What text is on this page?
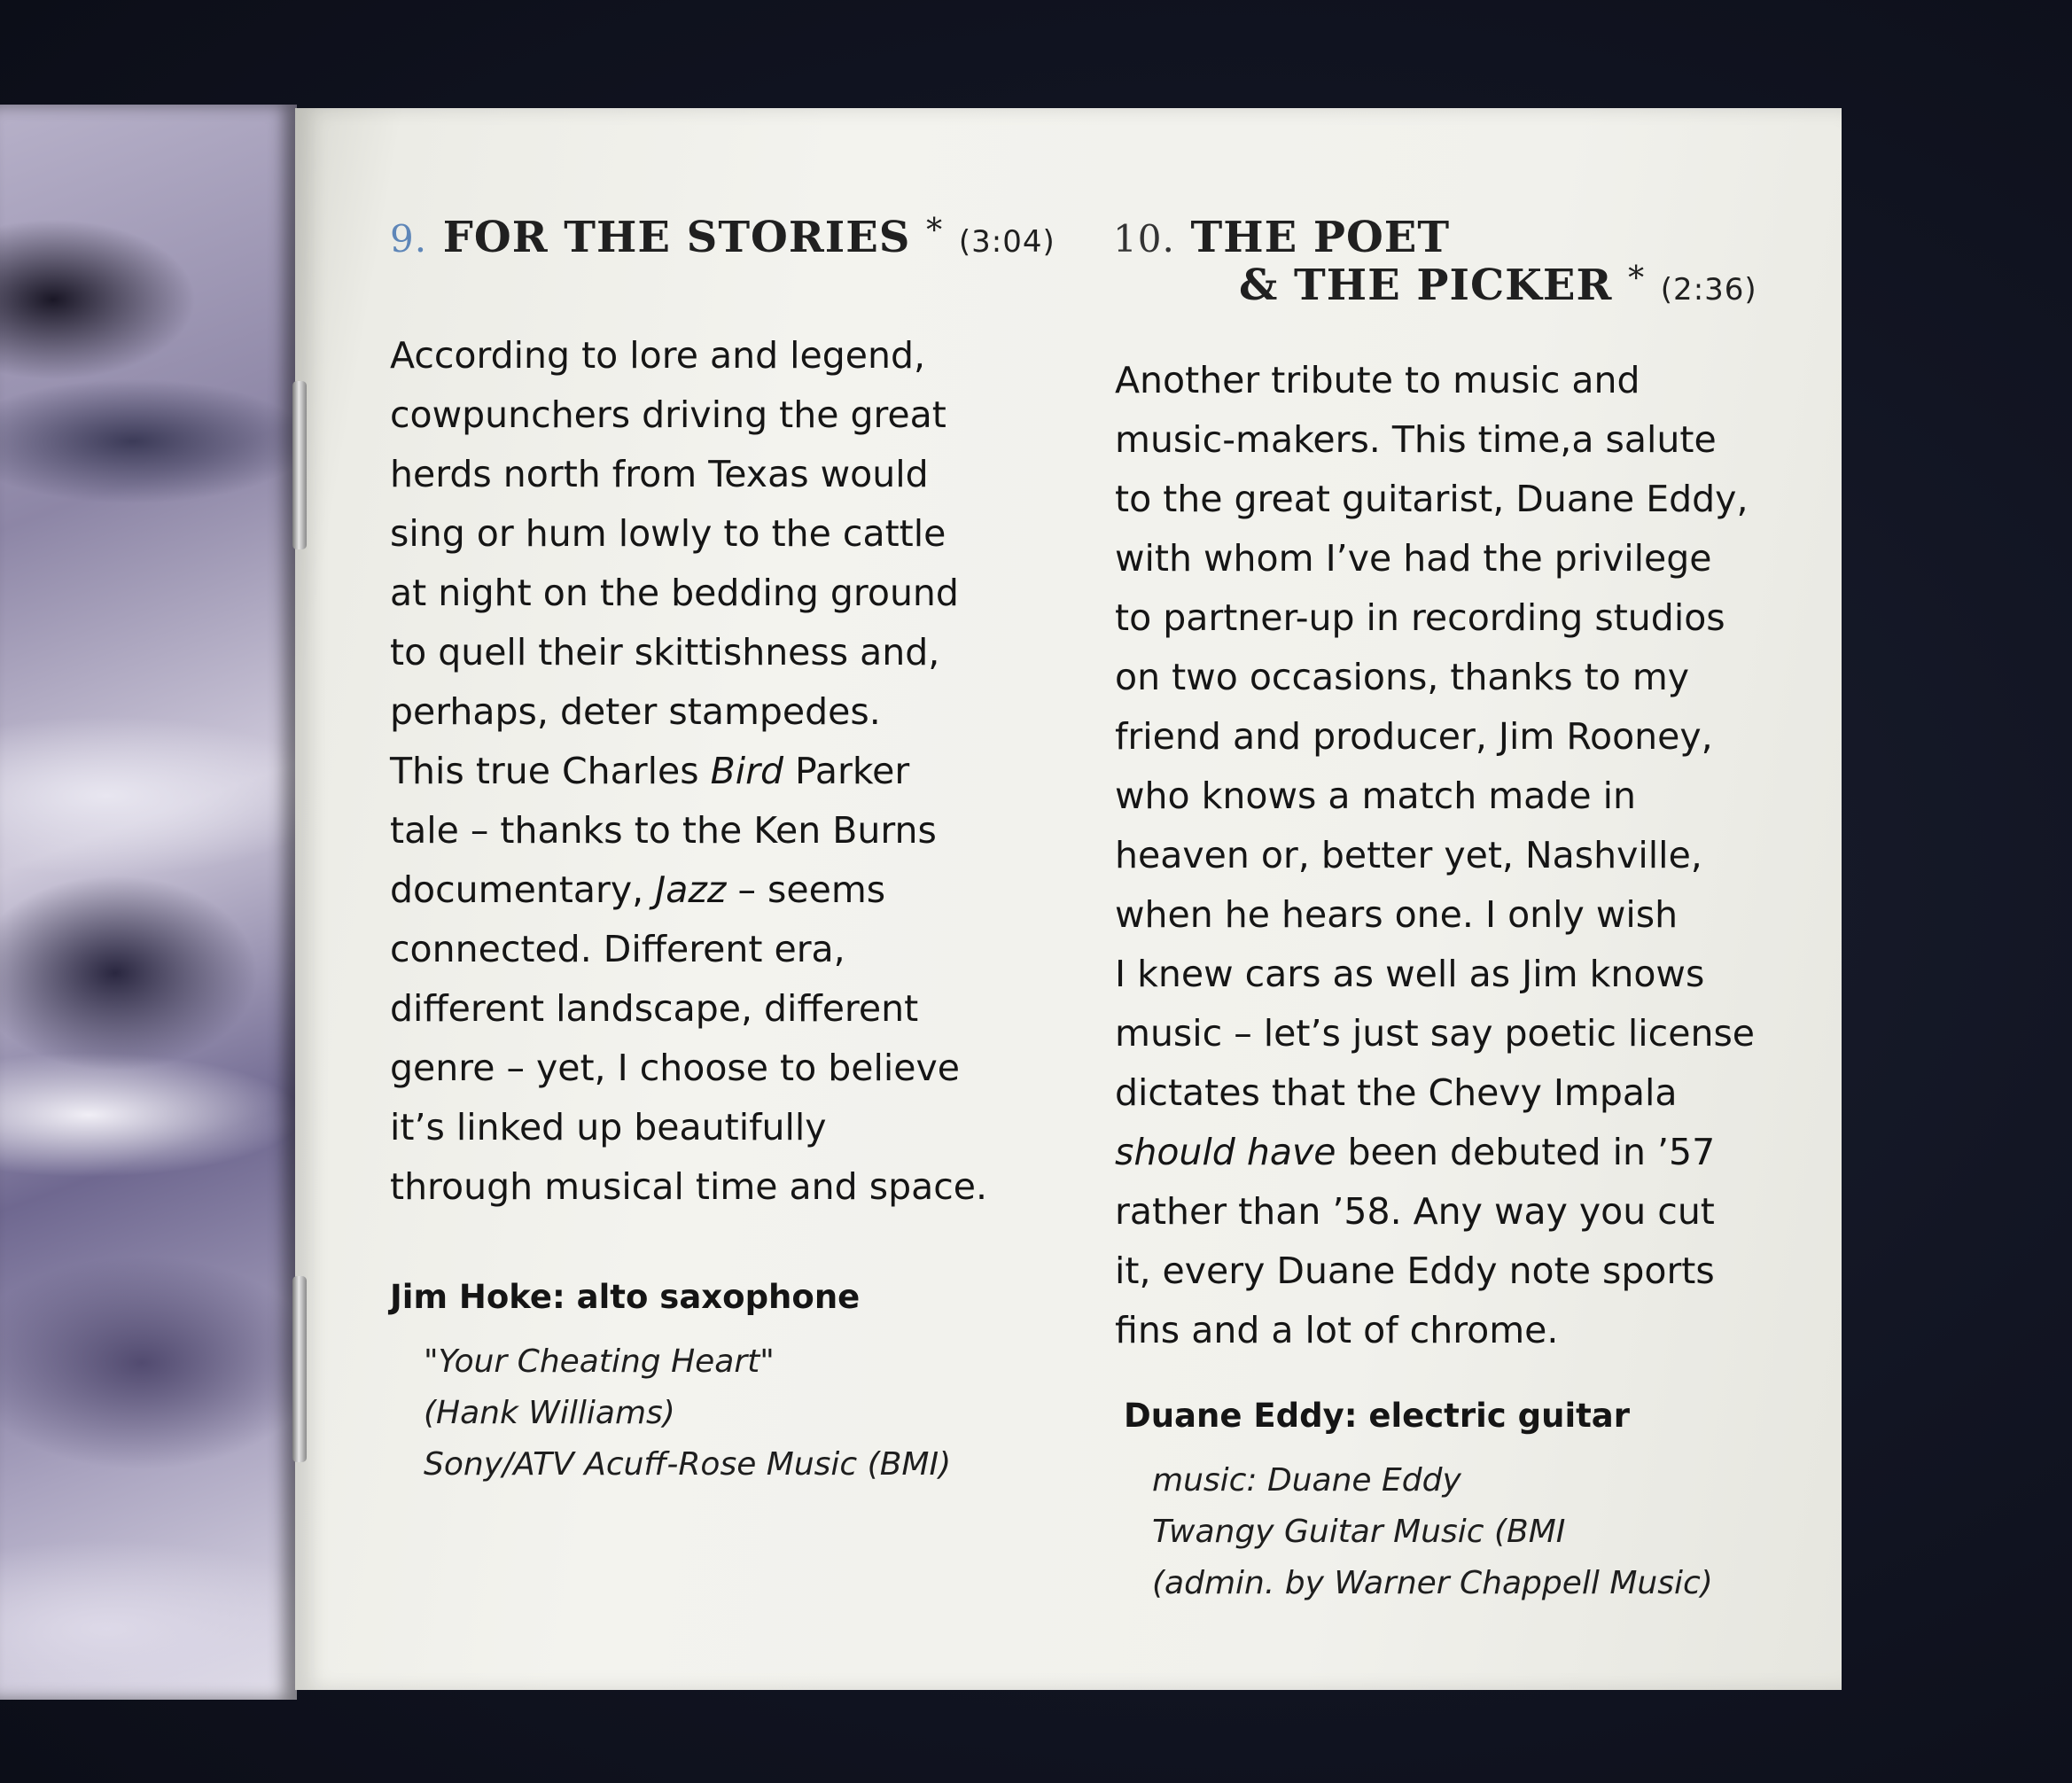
9. FOR THE STORIES * (3:04)
According to lore and legend,
cowpunchers driving the great
herds north from Texas would
sing or hum lowly to the cattle
at night on the bedding ground
to quell their skittishness and,
perhaps, deter stampedes.
This true Charles Bird Parker
tale – thanks to the Ken Burns
documentary, Jazz – seems
connected. Different era,
different landscape, different
genre – yet, I choose to believe
it’s linked up beautifully
through musical time and space.
Jim Hoke: alto saxophone
"Your Cheating Heart"
(Hank Williams)
Sony/ATV Acuff-Rose Music (BMI)
10. THE POET
& THE PICKER * (2:36)
Another tribute to music and
music-makers. This time,a salute
to the great guitarist, Duane Eddy,
with whom I’ve had the privilege
to partner-up in recording studios
on two occasions, thanks to my
friend and producer, Jim Rooney,
who knows a match made in
heaven or, better yet, Nashville,
when he hears one. I only wish
I knew cars as well as Jim knows
music – let’s just say poetic license
dictates that the Chevy Impala
should have been debuted in ’57
rather than ’58. Any way you cut
it, every Duane Eddy note sports
fins and a lot of chrome.
Duane Eddy: electric guitar
music: Duane Eddy
Twangy Guitar Music (BMI
(admin. by Warner Chappell Music)
